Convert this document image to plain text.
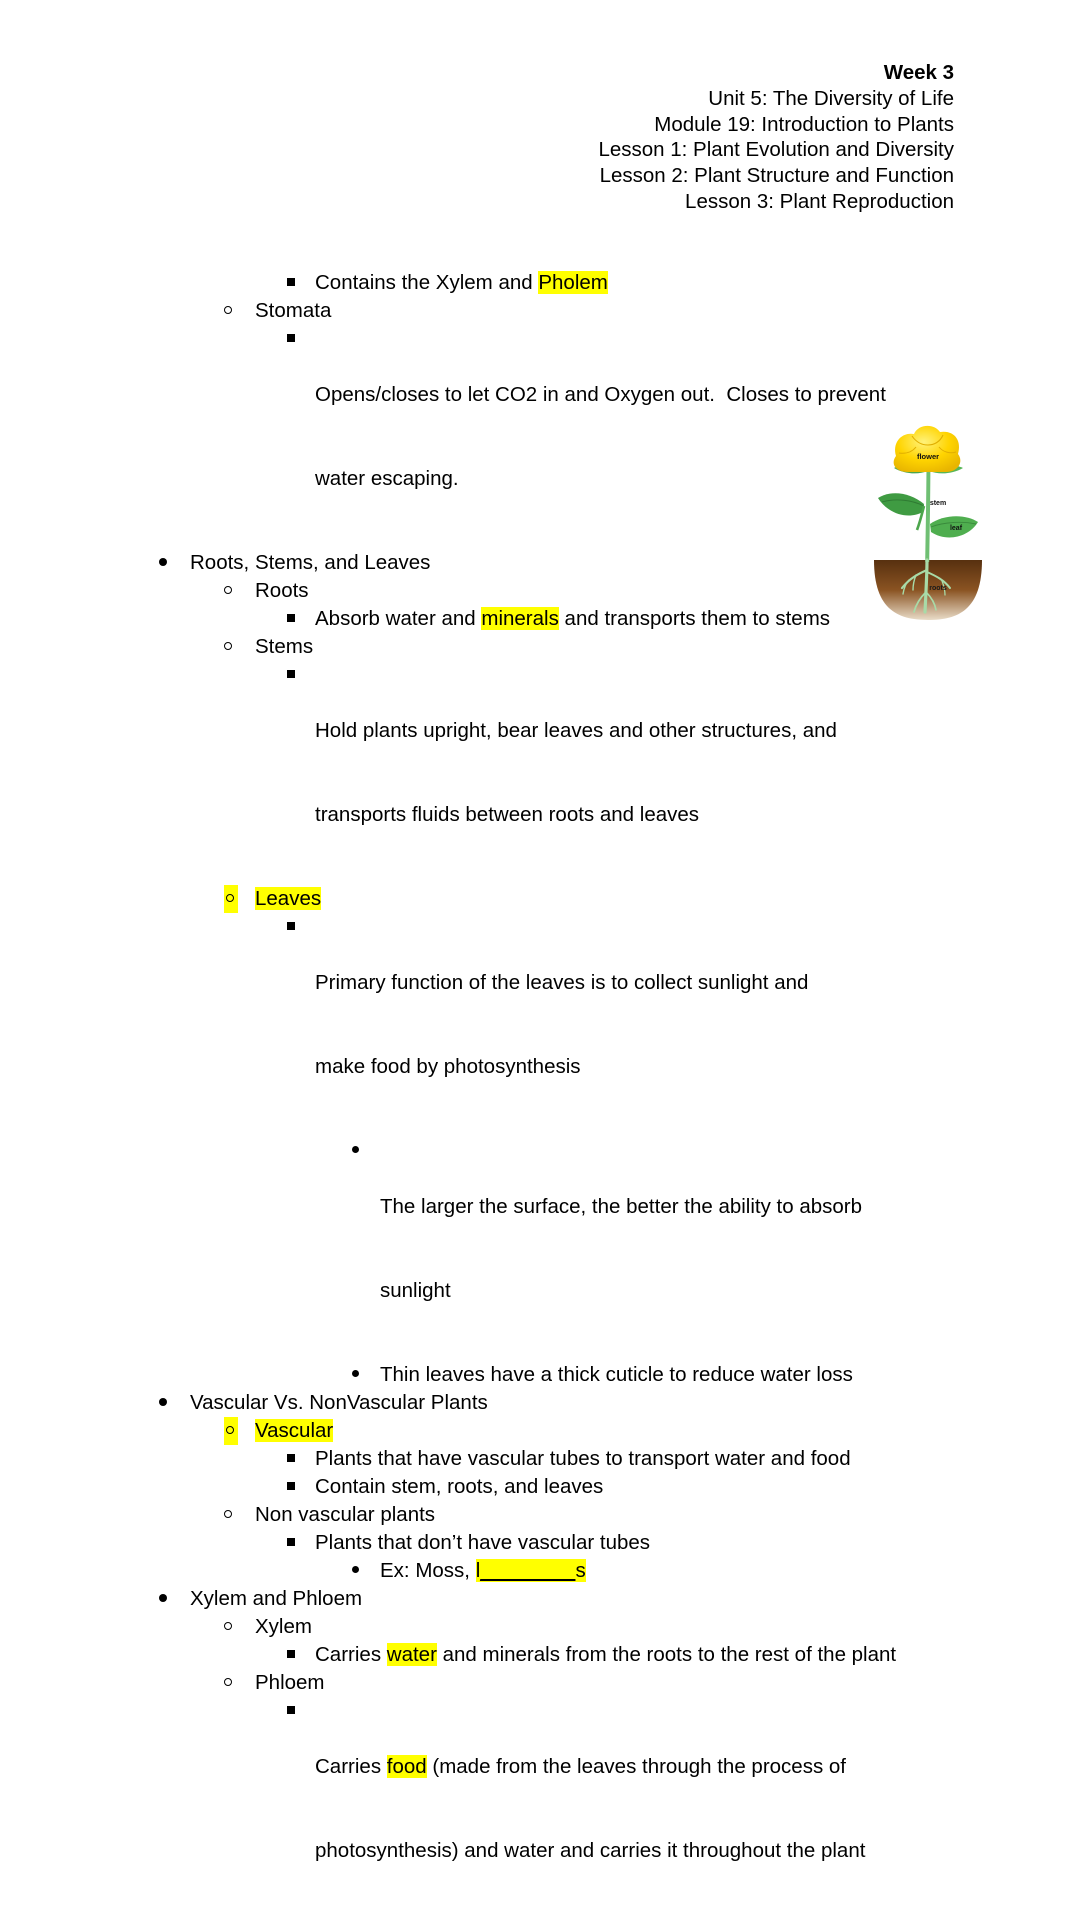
Week 3
Unit 5: The Diversity of Life
Module 19: Introduction to Plants
Lesson 1: Plant Evolution and Diversity
Lesson 2: Plant Structure and Function
Lesson 3: Plant Reproduction
flower
stem
leaf
roots
Contains the Xylem and Pholem
Stomata

Opens/closes to let CO2 in and Oxygen out.  Closes to prevent

water escaping.

Roots, Stems, and Leaves
Roots
Absorb water and minerals and transports them to stems
Stems

Hold plants upright, bear leaves and other structures, and

transports fluids between roots and leaves

Leaves

Primary function of the leaves is to collect sunlight and

make food by photosynthesis

The larger the surface, the better the ability to absorb

sunlight

Thin leaves have a thick cuticle to reduce water loss
Vascular Vs. NonVascular Plants
Vascular
Plants that have vascular tubes to transport water and food
Contain stem, roots, and leaves
Non vascular plants
Plants that don’t have vascular tubes
Ex: Moss, l________s
Xylem and Phloem
Xylem
Carries water and minerals from the roots to the rest of the plant
Phloem

Carries food (made from the leaves through the process of

photosynthesis) and water and carries it throughout the plant
